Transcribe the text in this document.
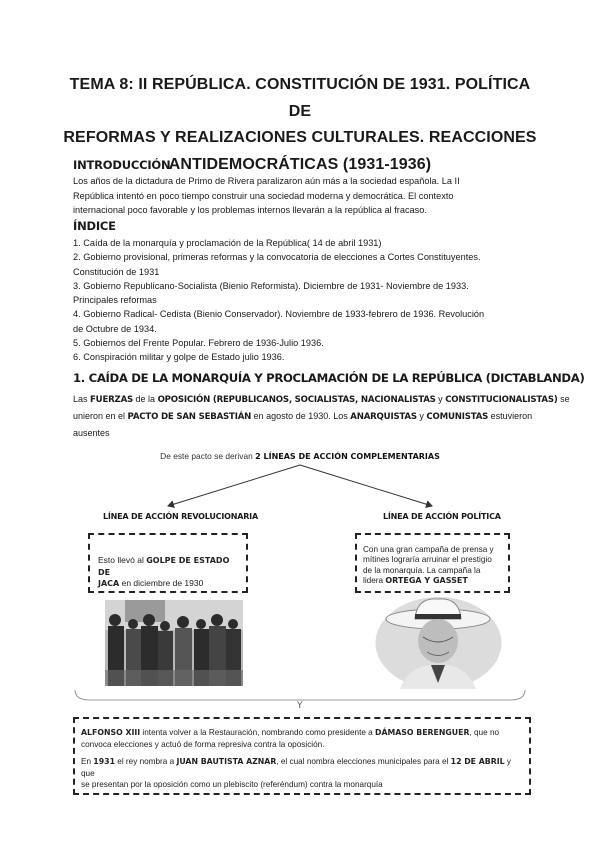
TEMA 8: II REPÚBLICA. CONSTITUCIÓN DE 1931. POLÍTICA DE
REFORMAS Y REALIZACIONES CULTURALES. REACCIONES
ANTIDEMOCRÁTICAS (1931-1936)
INTRODUCCIÓN
Los años de la dictadura de Primo de Rivera paralizaron aún más a la sociedad española. La II
República intentó en poco tiempo construir una sociedad moderna y democrática. El contexto
internacional poco favorable y los problemas internos llevarán a la república al fracaso.
ÍNDICE
1. Caída de la monarquía y proclamación de la República( 14 de abril 1931)
2. Gobierno provisional, primeras reformas y la convocatoria de elecciones a Cortes Constituyentes.
Constitución de 1931
3. Gobierno Republicano-Socialista (Bienio Reformista). Diciembre de 1931- Noviembre de 1933.
Principales reformas
4. Gobierno Radical- Cedista (Bienio Conservador). Noviembre de 1933-febrero de 1936. Revolución
de Octubre de 1934.
5. Gobiernos del Frente Popular. Febrero de 1936-Julio 1936.
6. Conspiración militar y golpe de Estado julio 1936.
1. CAÍDA DE LA MONARQUÍA Y PROCLAMACIÓN DE LA REPÚBLICA (DICTABLANDA)
Las FUERZAS de la OPOSICIÓN (REPUBLICANOS, SOCIALISTAS, NACIONALISTAS y CONSTITUCIONALISTAS) se
unieron en el PACTO DE SAN SEBASTIÁN en agosto de 1930. Los ANARQUISTAS y COMUNISTAS estuvieron
ausentes
De este pacto se derivan 2 LÍNEAS DE ACCIÓN COMPLEMENTARIAS
Y
LÍNEA DE ACCIÓN REVOLUCIONARIA	LÍNEA DE ACCIÓN POLÍTICA
Esto llevó al GOLPE DE ESTADO DE
JACA en diciembre de 1930
Con una gran campaña de prensa y
mítines lograría arruinar el prestigio
de la monarquía. La campaña la
lidera ORTEGA Y GASSET

ALFONSO XIII intenta volver a la Restauración, nombrando como presidente a DÁMASO BERENGUER, que no
convoca elecciones y actuó de forma represiva contra la oposición.

En 1931 el rey nombra a JUAN BAUTISTA AZNAR, el cual nombra elecciones municipales para el 12 DE ABRIL y que
se presentan por la oposición como un plebiscito (referéndum) contra la monarquía
